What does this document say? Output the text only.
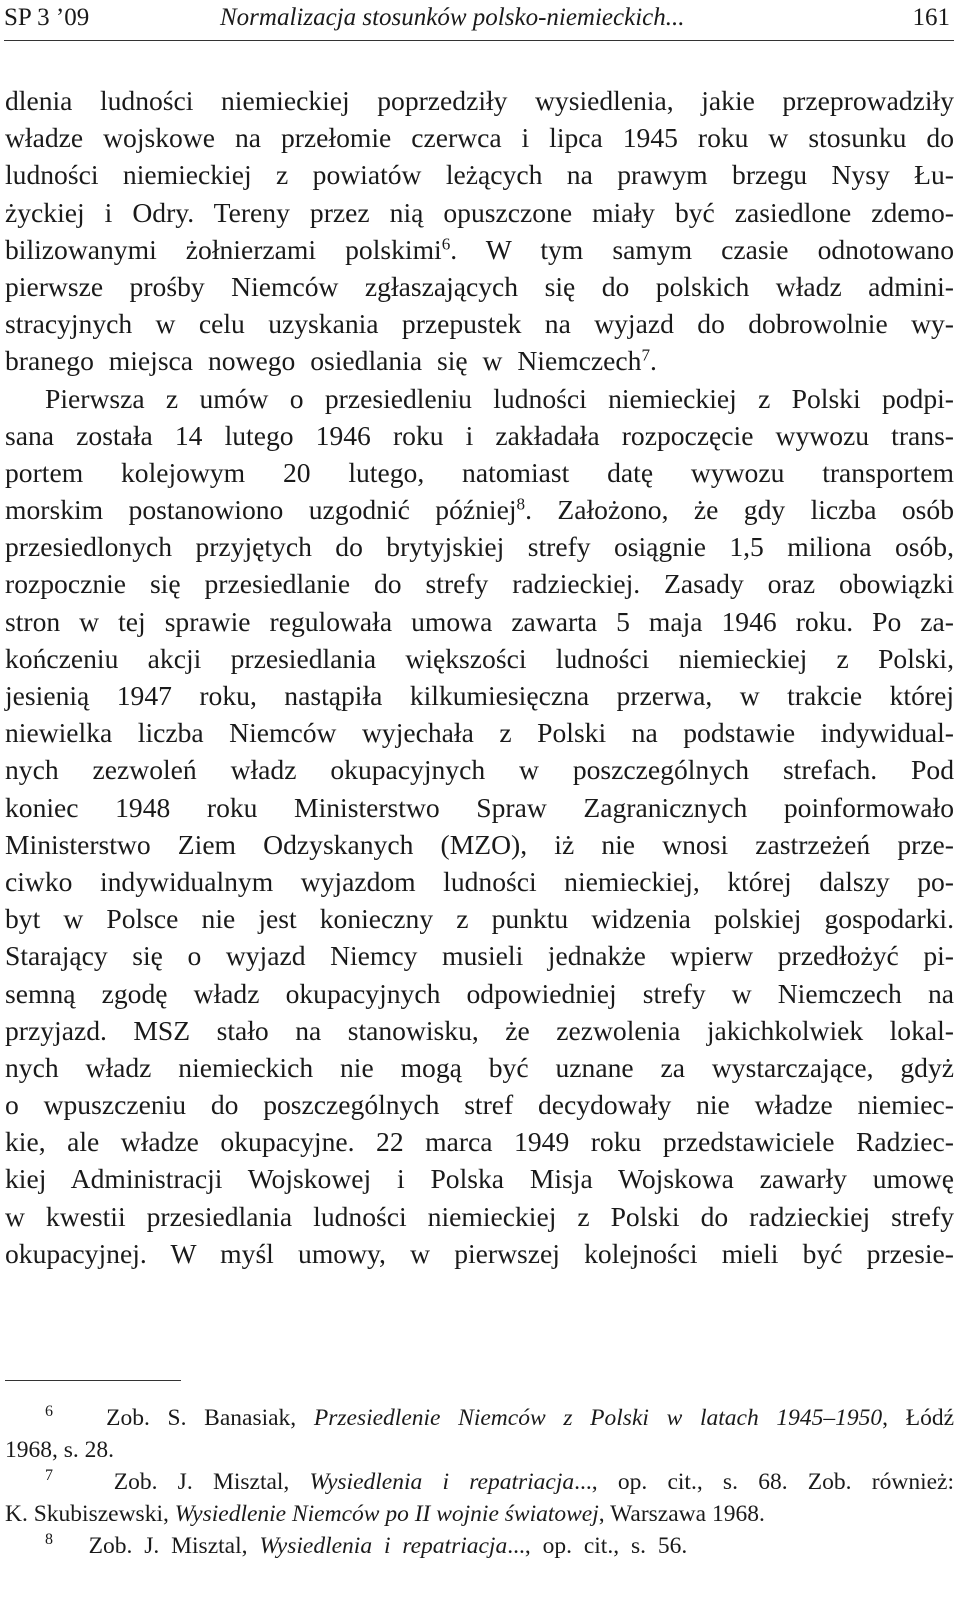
SP 3 ’09	Normalizacja stosunków polsko-niemieckich...	161
dlenia ludności niemieckiej poprzedziły wysiedlenia, jakie przeprowadziły
władze wojskowe na przełomie czerwca i lipca 1945 roku w stosunku do
ludności niemieckiej z powiatów leżących na prawym brzegu Nysy Łu-
życkiej i Odry. Tereny przez nią opuszczone miały być zasiedlone zdemo-
bilizowanymi żołnierzami polskimi$^6$. W tym samym czasie odnotowano
pierwsze prośby Niemców zgłaszających się do polskich władz admini-
stracyjnych w celu uzyskania przepustek na wyjazd do dobrowolnie wy-
branego miejsca nowego osiedlania się w Niemczech$^7$.
Pierwsza z umów o przesiedleniu ludności niemieckiej z Polski podpi-
sana została 14 lutego 1946 roku i zakładała rozpoczęcie wywozu trans-
portem kolejowym 20 lutego, natomiast datę wywozu transportem
morskim postanowiono uzgodnić później$^8$. Założono, że gdy liczba osób
przesiedlonych przyjętych do brytyjskiej strefy osiągnie 1,5 miliona osób,
rozpocznie się przesiedlanie do strefy radzieckiej. Zasady oraz obowiązki
stron w tej sprawie regulowała umowa zawarta 5 maja 1946 roku. Po za-
kończeniu akcji przesiedlania większości ludności niemieckiej z Polski,
jesienią 1947 roku, nastąpiła kilkumiesięczna przerwa, w trakcie której
niewielka liczba Niemców wyjechała z Polski na podstawie indywidual-
nych zezwoleń władz okupacyjnych w poszczególnych strefach. Pod
koniec 1948 roku Ministerstwo Spraw Zagranicznych poinformowało
Ministerstwo Ziem Odzyskanych (MZO), iż nie wnosi zastrzeżeń prze-
ciwko indywidualnym wyjazdom ludności niemieckiej, której dalszy po-
byt w Polsce nie jest konieczny z punktu widzenia polskiej gospodarki.
Starający się o wyjazd Niemcy musieli jednakże wpierw przedłożyć pi-
semną zgodę władz okupacyjnych odpowiedniej strefy w Niemczech na
przyjazd. MSZ stało na stanowisku, że zezwolenia jakichkolwiek lokal-
nych władz niemieckich nie mogą być uznane za wystarczające, gdyż
o wpuszczeniu do poszczególnych stref decydowały nie władze niemiec-
kie, ale władze okupacyjne. 22 marca 1949 roku przedstawiciele Radziec-
kiej Administracji Wojskowej i Polska Misja Wojskowa zawarły umowę
w kwestii przesiedlania ludności niemieckiej z Polski do radzieckiej strefy
okupacyjnej. W myśl umowy, w pierwszej kolejności mieli być przesie-
6 Zob. S. Banasiak, Przesiedlenie Niemców z Polski w latach 1945–1950, Łódź
1968, s. 28.
7	Zob. J. Misztal, Wysiedlenia i repatriacja..., op. cit., s. 68. Zob. również:
K. Skubiszewski, Wysiedlenie Niemców po II wojnie światowej, Warszawa 1968.
8 Zob. J. Misztal, Wysiedlenia i repatriacja..., op. cit., s. 56.
